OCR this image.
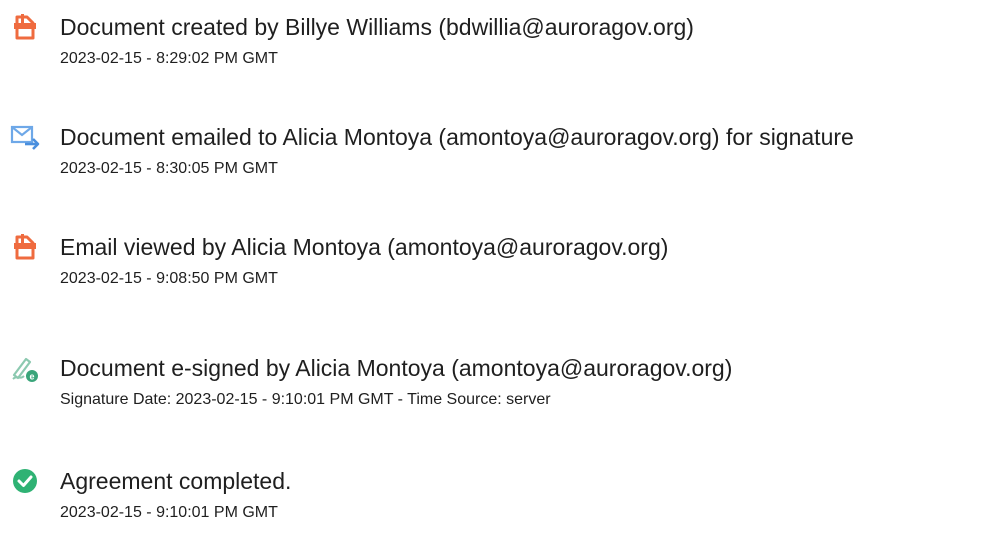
Document created by Billye Williams (bdwillia@auroragov.org)
2023-02-15 - 8:29:02 PM GMT
Document emailed to Alicia Montoya (amontoya@auroragov.org) for signature
2023-02-15 - 8:30:05 PM GMT
Email viewed by Alicia Montoya (amontoya@auroragov.org)
2023-02-15 - 9:08:50 PM GMT
e Document e-signed by Alicia Montoya (amontoya@auroragov.org)
Signature Date: 2023-02-15 - 9:10:01 PM GMT - Time Source: server
Agreement completed.
2023-02-15 - 9:10:01 PM GMT
